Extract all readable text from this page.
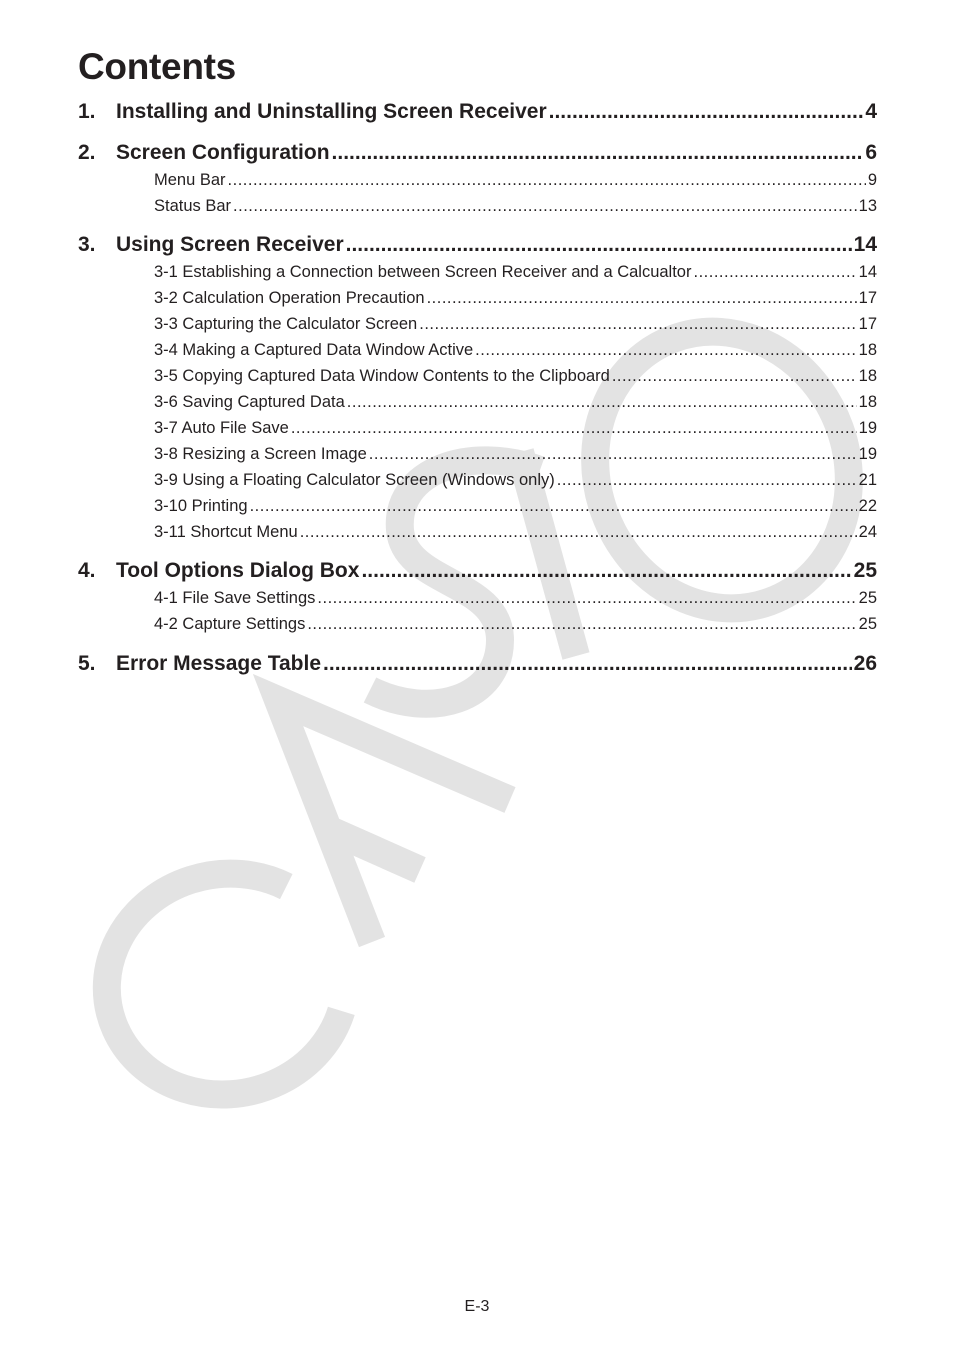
Contents
1. Installing and Uninstalling Screen Receiver .....	4
2. Screen Configuration .....	6
Menu Bar .....	9
Status Bar .....	13
3. Using Screen Receiver .....	14
3-1 Establishing a Connection between Screen Receiver and a Calcualtor .....	14
3-2 Calculation Operation Precaution .....	17
3-3 Capturing the Calculator Screen .....	17
3-4 Making a Captured Data Window Active .....	18
3-5 Copying Captured Data Window Contents to the Clipboard .....	18
3-6 Saving Captured Data .....	18
3-7 Auto File Save .....	19
3-8 Resizing a Screen Image .....	19
3-9 Using a Floating Calculator Screen (Windows only) .....	21
3-10 Printing .....	22
3-11 Shortcut Menu .....	24
4. Tool Options Dialog Box .....	25
4-1 File Save Settings .....	25
4-2 Capture Settings .....	25
5. Error Message Table .....	26
E-3
